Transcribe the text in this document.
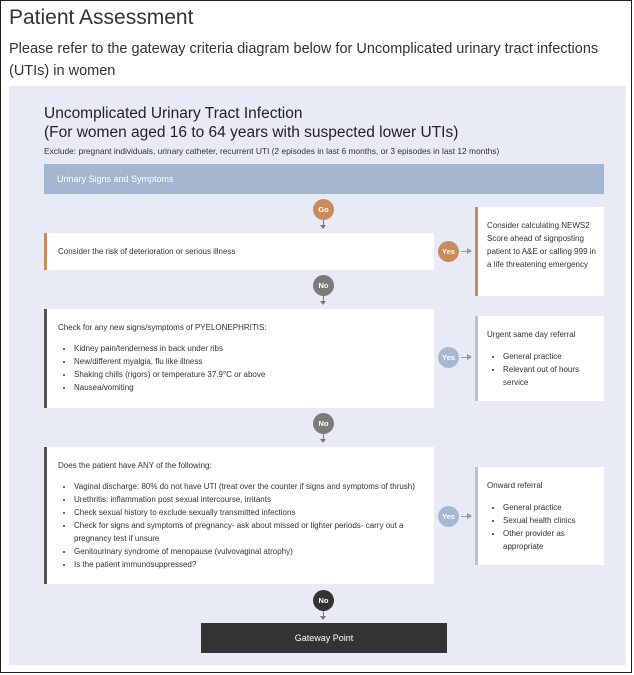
Patient Assessment

Please refer to the gateway criteria diagram below for Uncomplicated urinary tract infections (UTIs) in women

Uncomplicated Urinary Tract Infection
(For women aged 16 to 64 years with suspected lower UTIs)
Exclude: pregnant individuals, urinary catheter, recurrent UTI (2 episodes in last 6 months, or 3 episodes in last 12 months)
Urinary Signs and Symptoms
Go

Consider the risk of deterioration or serious illness	Yes

Consider calculating NEWS2 Score ahead of signposting patient to A&E or calling 999 in a life threatening emergency

No

Check for any new signs/symptoms of PYELONEPHRITIS:

• Kidney pain/tenderness in back under ribs
• New/different myalgia, flu like illness
• Shaking chills (rigors) or temperature 37.9°C or above
• Nausea/vomiting
Yes

Urgent same day referral

• General practice
• Relevant out of hours service
No

Does the patient have ANY of the following:

• Vaginal discharge: 80% do not have UTI (treat over the counter if signs and symptoms of thrush)
• Urethritis: inflammation post sexual intercourse, irritants
• Check sexual history to exclude sexually transmitted infections
• Check for signs and symptoms of pregnancy- ask about missed or lighter periods- carry out a pregnancy test if unsure
• Genitourinary syndrome of menopause (vulvovaginal atrophy)
• Is the patient immunosuppressed?
Yes

Onward referral

• General practice
• Sexual health clinics
• Other provider as appropriate
No
Gateway Point
